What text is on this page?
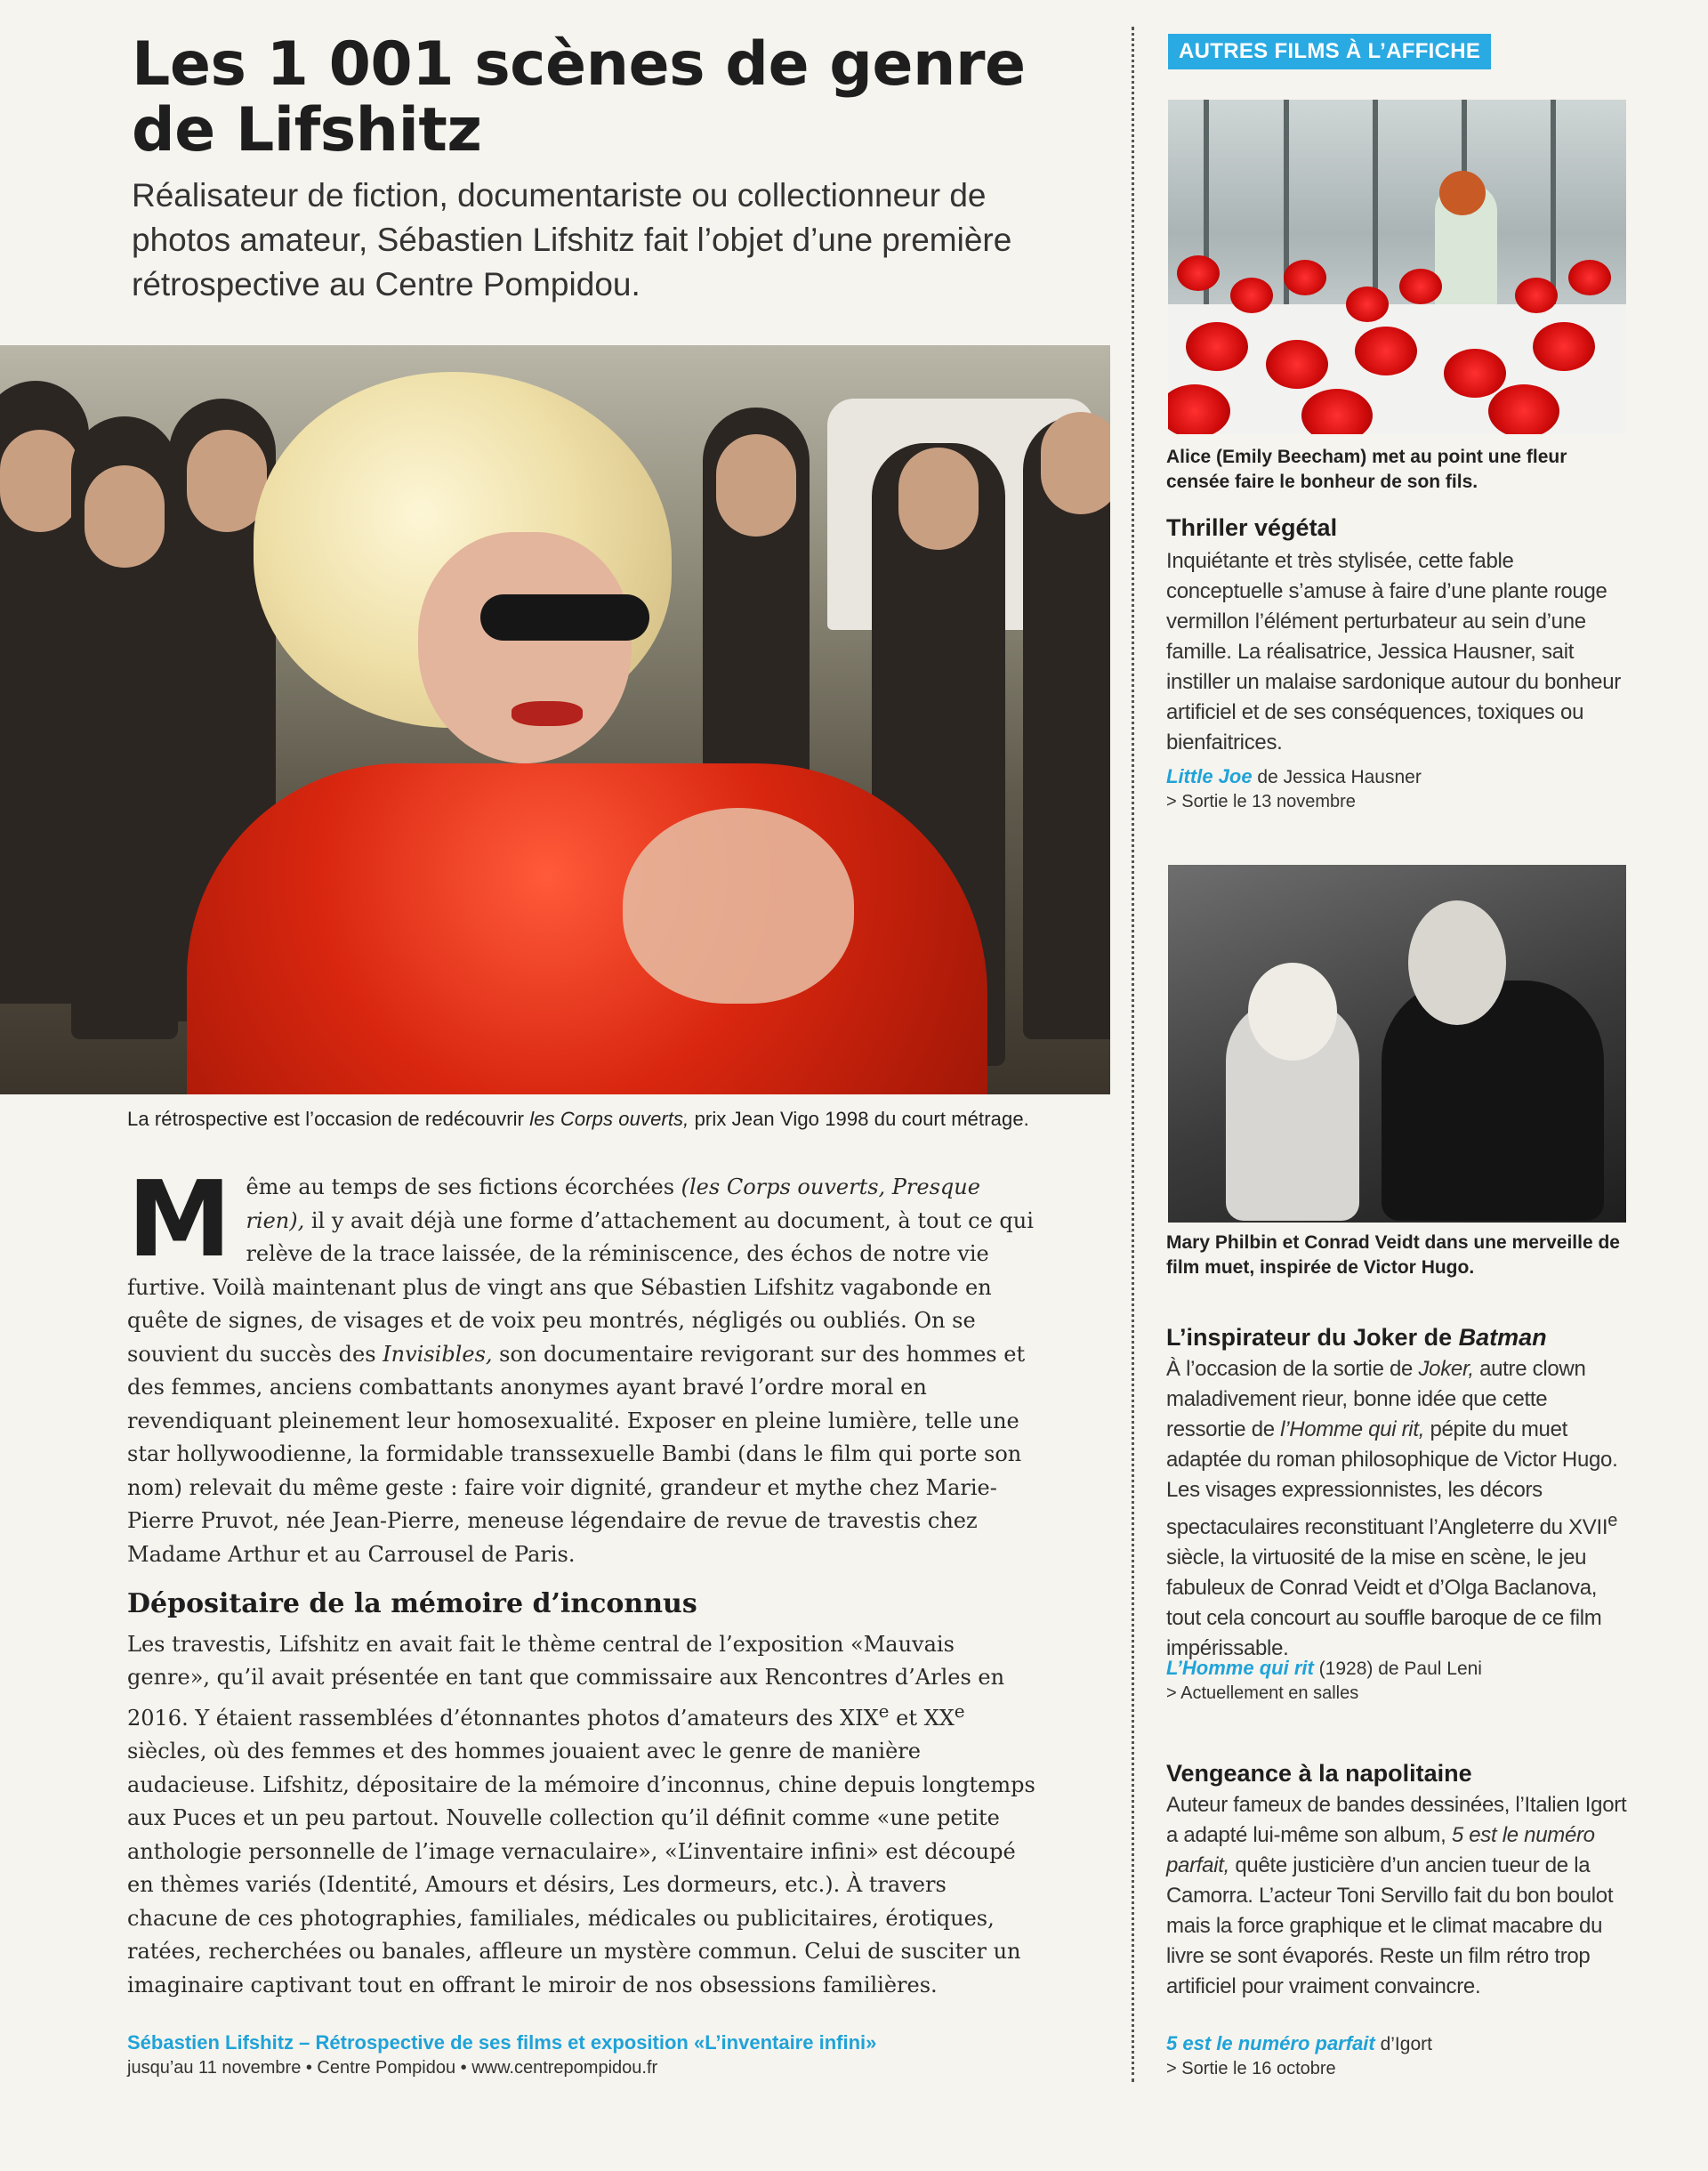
Les 1 001 scènes de genre de Lifshitz

Réalisateur de fiction, documentariste ou collectionneur de photos amateur, Sébastien Lifshitz fait l’objet d’une première rétrospective au Centre Pompidou.

La rétrospective est l’occasion de redécouvrir les Corps ouverts, prix Jean Vigo 1998 du court métrage.

Même au temps de ses fictions écorchées (les Corps ouverts, Presque rien), il y avait déjà une forme d’attachement au document, à tout ce qui relève de la trace laissée, de la réminiscence, des échos de notre vie furtive. Voilà maintenant plus de vingt ans que Sébastien Lifshitz vagabonde en quête de signes, de visages et de voix peu montrés, négligés ou oubliés. On se souvient du succès des Invisibles, son documentaire revigorant sur des hommes et des femmes, anciens combattants anonymes ayant bravé l’ordre moral en revendiquant pleinement leur homosexualité. Exposer en pleine lumière, telle une star hollywoodienne, la formidable transsexuelle Bambi (dans le film qui porte son nom) relevait du même geste : faire voir dignité, grandeur et mythe chez Marie-Pierre Pruvot, née Jean-Pierre, meneuse légendaire de revue de travestis chez Madame Arthur et au Carrousel de Paris.

Dépositaire de la mémoire d’inconnus

Les travestis, Lifshitz en avait fait le thème central de l’exposition «Mauvais genre», qu’il avait présentée en tant que commissaire aux Rencontres d’Arles en 2016. Y étaient rassemblées d’étonnantes photos d’amateurs des XIXe et XXe siècles, où des femmes et des hommes jouaient avec le genre de manière audacieuse. Lifshitz, dépositaire de la mémoire d’inconnus, chine depuis longtemps aux Puces et un peu partout. Nouvelle collection qu’il définit comme «une petite anthologie personnelle de l’image vernaculaire», «L’inventaire infini» est découpé en thèmes variés (Identité, Amours et désirs, Les dormeurs, etc.). À travers chacune de ces photographies, familiales, médicales ou publicitaires, érotiques, ratées, recherchées ou banales, affleure un mystère commun. Celui de susciter un imaginaire captivant tout en offrant le miroir de nos obsessions familières.

Sébastien Lifshitz – Rétrospective de ses films et exposition «L’inventaire infini»

jusqu’au 11 novembre • Centre Pompidou • www.centrepompidou.fr

AUTRES FILMS À L’AFFICHE

Alice (Emily Beecham) met au point une fleur censée faire le bonheur de son fils.

Thriller végétal

Inquiétante et très stylisée, cette fable conceptuelle s’amuse à faire d’une plante rouge vermillon l’élément perturbateur au sein d’une famille. La réalisatrice, Jessica Hausner, sait instiller un malaise sardonique autour du bonheur artificiel et de ses conséquences, toxiques ou bienfaitrices.

Little Joe de Jessica Hausner

> Sortie le 13 novembre

Mary Philbin et Conrad Veidt dans une merveille de film muet, inspirée de Victor Hugo.

L’inspirateur du Joker de Batman

À l’occasion de la sortie de Joker, autre clown maladivement rieur, bonne idée que cette ressortie de l’Homme qui rit, pépite du muet adaptée du roman philosophique de Victor Hugo. Les visages expressionnistes, les décors spectaculaires reconstituant l’Angleterre du XVIIe siècle, la virtuosité de la mise en scène, le jeu fabuleux de Conrad Veidt et d’Olga Baclanova, tout cela concourt au souffle baroque de ce film impérissable.

L’Homme qui rit (1928) de Paul Leni

> Actuellement en salles

Vengeance à la napolitaine

Auteur fameux de bandes dessinées, l’Italien Igort a adapté lui-même son album, 5 est le numéro parfait, quête justicière d’un ancien tueur de la Camorra. L’acteur Toni Servillo fait du bon boulot mais la force graphique et le climat macabre du livre se sont évaporés. Reste un film rétro trop artificiel pour vraiment convaincre.

5 est le numéro parfait d’Igort

> Sortie le 16 octobre
